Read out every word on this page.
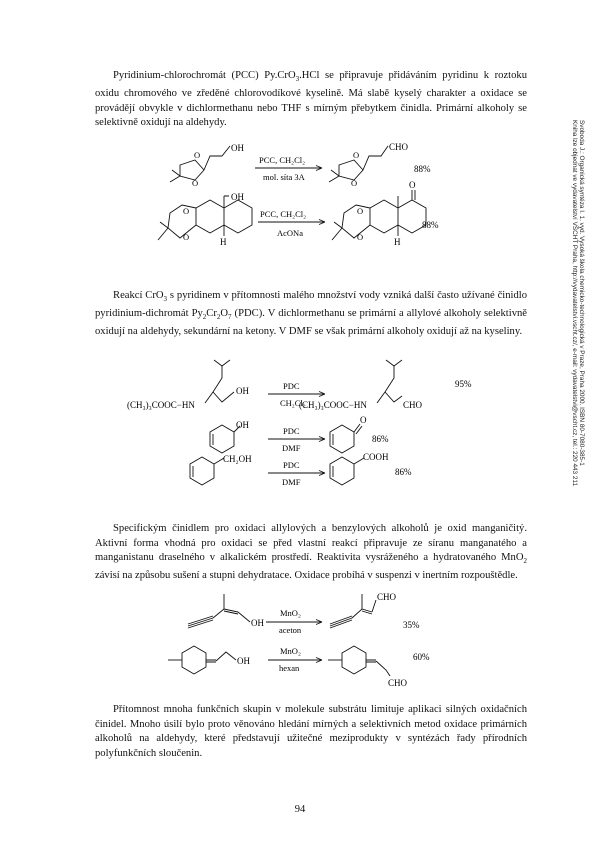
Pyridinium-chlorochromát (PCC) Py.CrO$_3$.HCl se připravuje přidáváním pyridinu k roztoku oxidu chromového ve zředěné chlorovodíkové kyselině. Má slabě kyselý charakter a oxidace se provádějí obvykle v dichlormethanu nebo THF s mírným přebytkem činidla. Primární alkoholy se selektivně oxidují na aldehydy.

O
O
OH
PCC, CH₂Cl₂
mol. síta 3A
O
O
CHO
88%
OH
H
O
O
PCC, CH₂Cl₂
AcONa
O
H
O
O
88%

Reakcí CrO$_3$ s pyridinem v přítomnosti malého množství vody vzniká další často užívané činidlo pyridinium-dichromát $Py_2Cr_2O_7$ (PDC). V dichlormethanu se primární a allylové alkoholy selektivně oxidují na aldehydy, sekundární na ketony. V DMF se však primární alkoholy oxidují až na kyseliny.

(CH₃)₃COOC−HN
OH	PDC
CH₂Cl₂
(CH₃)₃COOC−HN	CHO
95%
OH
PDC
DMF
O
86%
CH₂OH
PDC
DMF
COOH
86%

Specifickým činidlem pro oxidaci allylových a benzylových alkoholů je oxid manganičitý. Aktivní forma vhodná pro oxidaci se před vlastní reakcí připravuje ze síranu manganatého a manganistanu draselného v alkalickém prostředí. Reaktivita vysráženého a hydratovaného MnO$_2$ závisí na způsobu sušení a stupni dehydratace. Oxidace probíhá v suspenzi v inertním rozpouštědle.

OH
MnO₂
aceton
CHO
35%
OH
MnO₂
hexan
CHO
60%

Přítomnost mnoha funkčních skupin v molekule substrátu limituje aplikaci silných oxidačních činidel. Mnoho úsilí bylo proto věnováno hledání mírných a selektivních metod oxidace primárních alkoholů na aldehydy, které představují užitečné meziprodukty v syntézách řady přírodních polyfunkčních sloučenin.

Svoboda J.: Organická syntéza I. 1. vyd. Vysoká škola chemicko-technologická v Praze, Praha 2000. ISBN 80-7080-385-1
Kniha lze objednat ve vydavatelství VŠCHT Praha, http://vydavatelstvi.vscht.cz/, e-mail: vydavatelstvi@vscht.cz, tel.: 220 443 211
94
